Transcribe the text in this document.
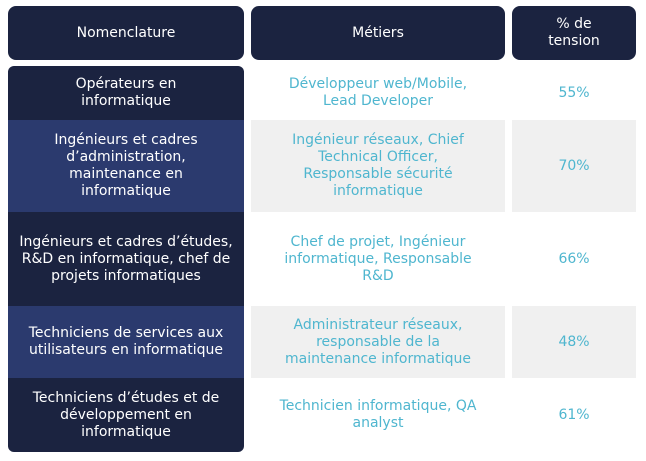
Nomenclature	Métiers
% de tension
Opérateurs en informatique
Développeur web/Mobile, Lead Developer
55%
Ingénieurs et cadres d’administration, maintenance en informatique
Ingénieur réseaux, Chief Technical Officer, Responsable sécurité informatique
70%
Ingénieurs et cadres d’études, R&D en informatique, chef de projets informatiques
Chef de projet, Ingénieur informatique, Responsable R&D
66%
Techniciens de services aux utilisateurs en informatique
Administrateur réseaux, responsable de la maintenance informatique
48%
Techniciens d’études et de développement en informatique
Technicien informatique, QA analyst
61%
